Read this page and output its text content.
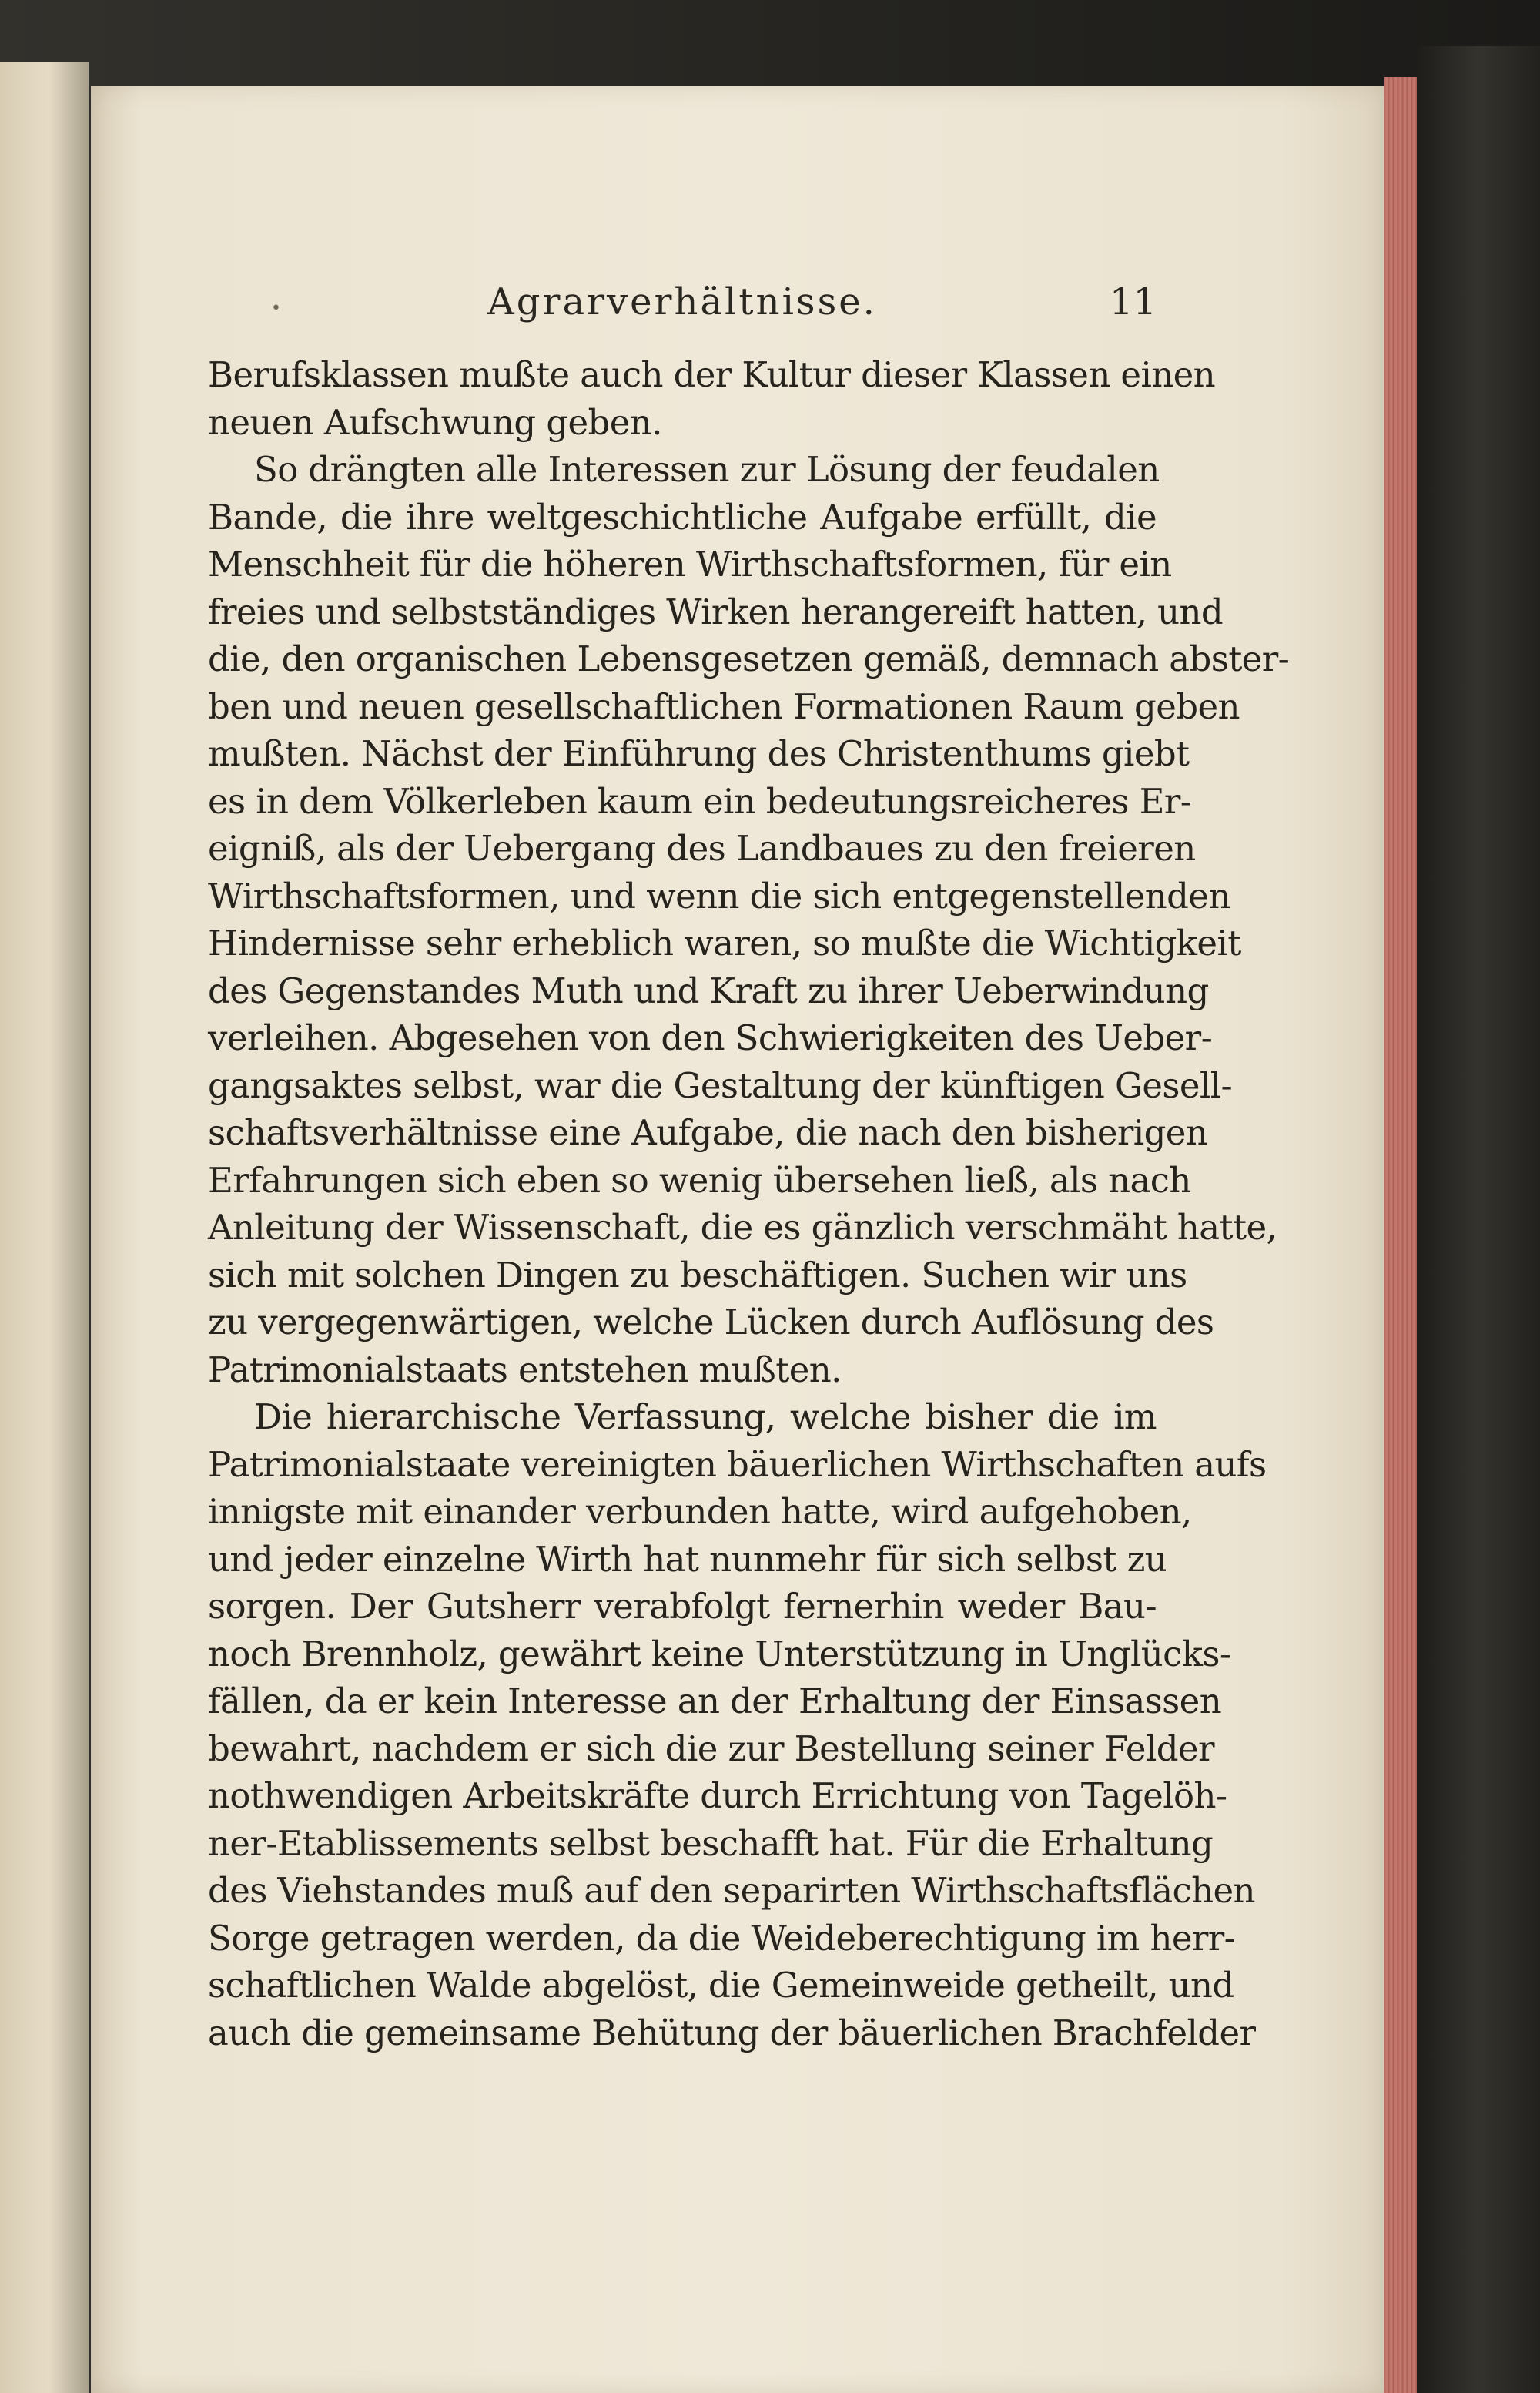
•	Agrarverhältnisse.	11
Berufsklassen mußte auch der Kultur dieser Klassen einen
neuen Aufschwung geben.
So drängten alle Interessen zur Lösung der feudalen
Bande, die ihre weltgeschichtliche Aufgabe erfüllt, die
Menschheit für die höheren Wirthschaftsformen, für ein
freies und selbstständiges Wirken herangereift hatten, und
die, den organischen Lebensgesetzen gemäß, demnach abster-
ben und neuen gesellschaftlichen Formationen Raum geben
mußten. Nächst der Einführung des Christenthums giebt
es in dem Völkerleben kaum ein bedeutungsreicheres Er-
eigniß, als der Uebergang des Landbaues zu den freieren
Wirthschaftsformen, und wenn die sich entgegenstellenden
Hindernisse sehr erheblich waren, so mußte die Wichtigkeit
des Gegenstandes Muth und Kraft zu ihrer Ueberwindung
verleihen. Abgesehen von den Schwierigkeiten des Ueber-
gangsaktes selbst, war die Gestaltung der künftigen Gesell-
schaftsverhältnisse eine Aufgabe, die nach den bisherigen
Erfahrungen sich eben so wenig übersehen ließ, als nach
Anleitung der Wissenschaft, die es gänzlich verschmäht hatte,
sich mit solchen Dingen zu beschäftigen. Suchen wir uns
zu vergegenwärtigen, welche Lücken durch Auflösung des
Patrimonialstaats entstehen mußten.
Die hierarchische Verfassung, welche bisher die im
Patrimonialstaate vereinigten bäuerlichen Wirthschaften aufs
innigste mit einander verbunden hatte, wird aufgehoben,
und jeder einzelne Wirth hat nunmehr für sich selbst zu
sorgen. Der Gutsherr verabfolgt fernerhin weder Bau-
noch Brennholz, gewährt keine Unterstützung in Unglücks-
fällen, da er kein Interesse an der Erhaltung der Einsassen
bewahrt, nachdem er sich die zur Bestellung seiner Felder
nothwendigen Arbeitskräfte durch Errichtung von Tagelöh-
ner-Etablissements selbst beschafft hat. Für die Erhaltung
des Viehstandes muß auf den separirten Wirthschaftsflächen
Sorge getragen werden, da die Weideberechtigung im herr-
schaftlichen Walde abgelöst, die Gemeinweide getheilt, und
auch die gemeinsame Behütung der bäuerlichen Brachfelder
